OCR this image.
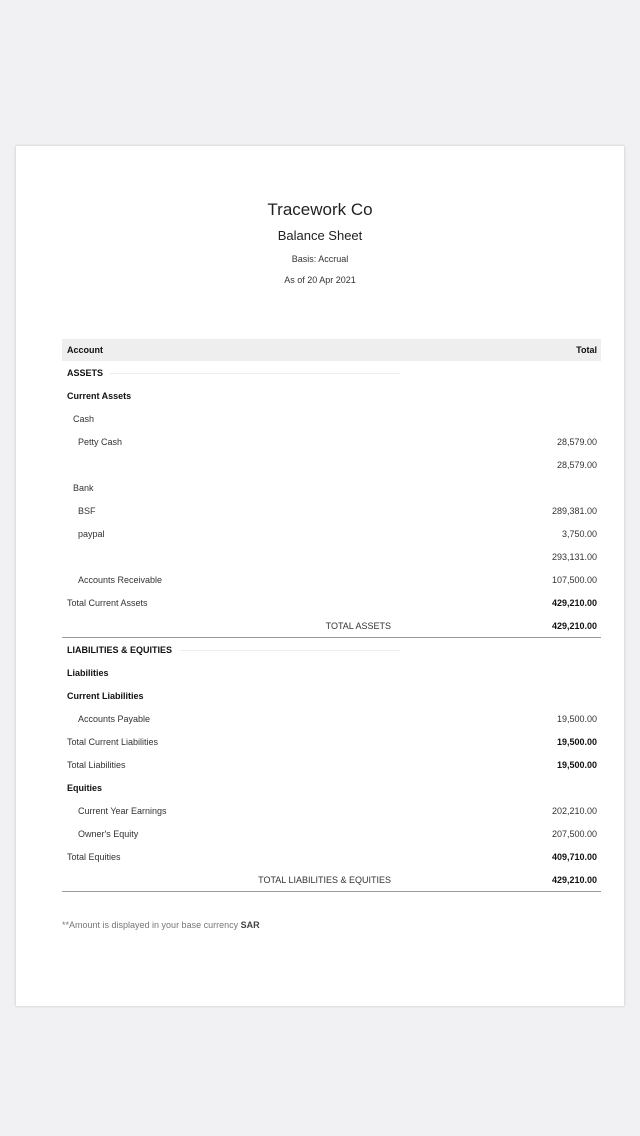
Tracework Co
Balance Sheet
Basis: Accrual
As of 20 Apr 2021
Account	Total
ASSETS
Current Assets
Cash
Petty Cash	28,579.00
28,579.00
Bank
BSF	289,381.00
paypal	3,750.00
293,131.00
Accounts Receivable	107,500.00
Total Current Assets	429,210.00
TOTAL ASSETS	429,210.00
LIABILITIES & EQUITIES
Liabilities
Current Liabilities
Accounts Payable	19,500.00
Total Current Liabilities	19,500.00
Total Liabilities	19,500.00
Equities
Current Year Earnings	202,210.00
Owner's Equity	207,500.00
Total Equities	409,710.00
TOTAL LIABILITIES & EQUITIES	429,210.00
**Amount is displayed in your base currency SAR
